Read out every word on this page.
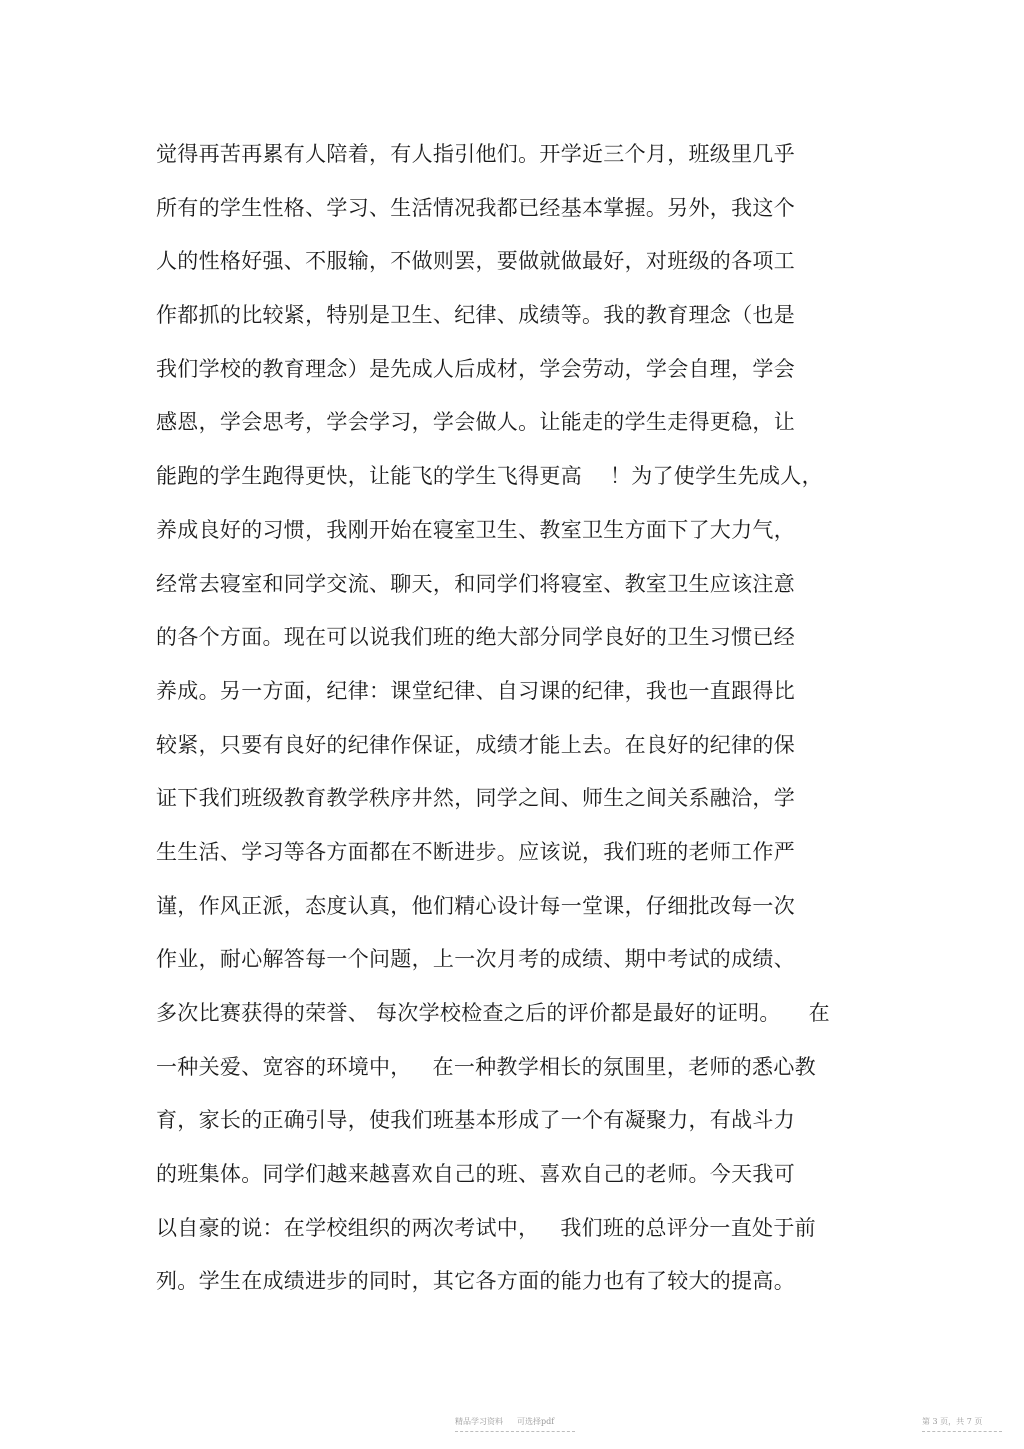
觉得再苦再累有人陪着，有人指引他们。开学近三个月，班级里几乎
所有的学生性格、学习、生活情况我都已经基本掌握。另外，我这个
人的性格好强、不服输，不做则罢，要做就做最好，对班级的各项工
作都抓的比较紧，特别是卫生、纪律、成绩等。我的教育理念（也是
我们学校的教育理念）是先成人后成材，学会劳动，学会自理，学会
感恩，学会思考，学会学习，学会做人。让能走的学生走得更稳，让
能跑的学生跑得更快，让能飞的学生飞得更高    ！为了使学生先成人，
养成良好的习惯，我刚开始在寝室卫生、教室卫生方面下了大力气，
经常去寝室和同学交流、聊天，和同学们将寝室、教室卫生应该注意
的各个方面。现在可以说我们班的绝大部分同学良好的卫生习惯已经
养成。另一方面，纪律：课堂纪律、自习课的纪律，我也一直跟得比
较紧，只要有良好的纪律作保证，成绩才能上去。在良好的纪律的保
证下我们班级教育教学秩序井然，同学之间、师生之间关系融洽，学
生生活、学习等各方面都在不断进步。应该说，我们班的老师工作严
谨，作风正派，态度认真，他们精心设计每一堂课，仔细批改每一次
作业，耐心解答每一个问题，上一次月考的成绩、期中考试的成绩、
多次比赛获得的荣誉、 每次学校检查之后的评价都是最好的证明。    在
一种关爱、宽容的环境中，   在一种教学相长的氛围里，老师的悉心教
育，家长的正确引导，使我们班基本形成了一个有凝聚力，有战斗力
的班集体。同学们越来越喜欢自己的班、喜欢自己的老师。今天我可
以自豪的说：在学校组织的两次考试中，   我们班的总评分一直处于前
列。学生在成绩进步的同时，其它各方面的能力也有了较大的提高。
精品学习资料 可选择pdf	第 3 页，共 7 页
